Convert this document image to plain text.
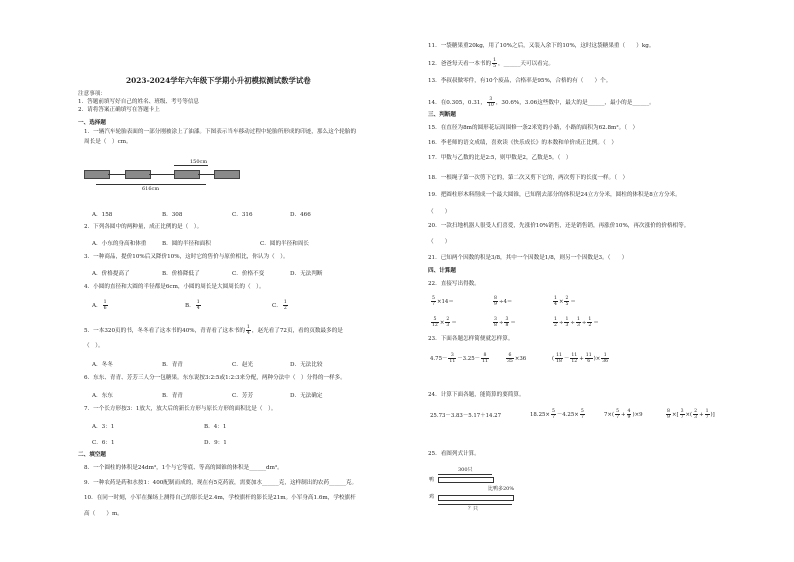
2023-2024学年六年级下学期小升初模拟测试数学试卷
注意事项：
1．答题前填写好自己的姓名、班级、考号等信息
2．请将答案正确填写在答题卡上
一、选择题
1．一辆汽车轮胎表面的一部分刚被涂上了油漆。下图表示当车移动过程中轮胎所形成的印迹，那么这个轮胎的
周长是（　）cm。
150cm
616cm
A．158	B．308	C．316	D．466
2．下列各圆中的两种量，成正比例的是（　）。
A．小东的身高和体重	B．圆的半径和面积	C．圆的半径和周长
3．一种商品，提价10%后又降价10%，这时它的售价与原价相比，你认为（　）。
A．价格提高了	B．价格降低了	C．价格不变	D．无法判断
4．小圆的直径和大圆的半径都是6cm，小圆的周长是大圆周长的（　）。
A． $\frac{1}{6}$	B． $\frac{1}{4}$	C． $\frac{1}{2}$
5．一本320页的书，冬冬看了这本书的40%，青青看了这本书的 $\frac{1}{4}$ ，赵光看了72页，看的页数最多的是
（　）。
A．冬冬	B．青青	C．赵光	D．无法比较
6．东东、青青、芳芳三人分一包糖果。东东说按3:2:5或1:2:3来分配，两种分法中（　）分得的一样多。
A．东东	B．青青	C．芳芳	D．无法确定
7．一个长方形按3：1放大，放大后的新长方形与原长方形的面积比是（　）。
A．3：1	B．4：1
C．6：1	D．9：1
二、填空题
8．一个圆柱的体积是24dm³，1个与它等底、等高的圆锥的体积是______dm³。
9．一种农药是药和水按1：400配制而成的，现在有5克药液，需要加水______克，这样制出的农药______克。
10．在同一时刻，小军在操场上测得自己的影长是2.4m，学校旗杆的影长是21m。小军身高1.6m，学校旗杆
高（　　）m。
11．一袋糖果重20kg，用了10%之后，又装入余下的10%，这时这袋糖果重（　　）kg。
12．爸爸每天看一本书的 $\frac{1}{5}$ ，______天可以看完。
13．李叔叔做零件，有10个废品，合格率是95%，合格的有（　　）个。
14．在0.305，0.31， $\frac{3}{10}$ ，30.6%，3.06这些数中，最大的是______，最小的是______。
三、判断题
15．在直径为8m的圆形花坛周围修一条2米宽的小路，小路的面积为62.8m²。（　）
16．李老师的语文成绩，喜欢读《快乐成长》的本数和单价成正比例。（　）
17．甲数与乙数的比是2:5，则甲数是2，乙数是5。（　）
18．一根绳子第一次剪下它的，第二次又剪下它的，两次剪下的长度一样。（　）
19．把圆柱形木料削成一个最大圆锥，已知削去部分的体积是24立方分米，圆柱的体积是8立方分米。
（　　）
20．一款扫地机器人很受人们喜爱，先涨价10%销售，还是销售销，再涨价10%，再次涨价的价格相等。
（　　）
21．已知两个因数的积是3/8，其中一个因数是1/8，则另一个因数是3。（　　）
四、计算题
22．直接写出得数。
$\frac{5}{7} \times 14=$	$\frac{8}{9} \div 4=$	$\frac{1}{4} \times \frac{2}{5}$ ＝
$\frac{5}{12} \times \frac{2}{3}$ ＝	$\frac{3}{8} \div \frac{3}{8}$ ＝	$\frac{1}{2} \div \frac{1}{3} \div \frac{1}{3} \div \frac{1}{2}$ ＝
23．下面各题怎样简便就怎样算。
$4.75- \frac{3}{11} -3.25- \frac{8}{11}$	$\frac{6}{35} \times 36$	( $\frac{11}{18} - \frac{11}{12} + \frac{11}{6}$ )× $\frac{1}{36}$
24．计算下面各题，能简算的要简算。
25.73－3.83－5.17＋14.27	$18.25\times \frac{5}{7} -4.25\times \frac{5}{7}$	$7\times( \frac{5}{7} + \frac{4}{9} )\times 9$	$\frac{8}{9}$ ×[ $\frac{3}{7}$ ×( $\frac{2}{3} + \frac{1}{7}$ )]
25．看图列式计算。
300只
鸭
比鸭多20%
鸡
？只
